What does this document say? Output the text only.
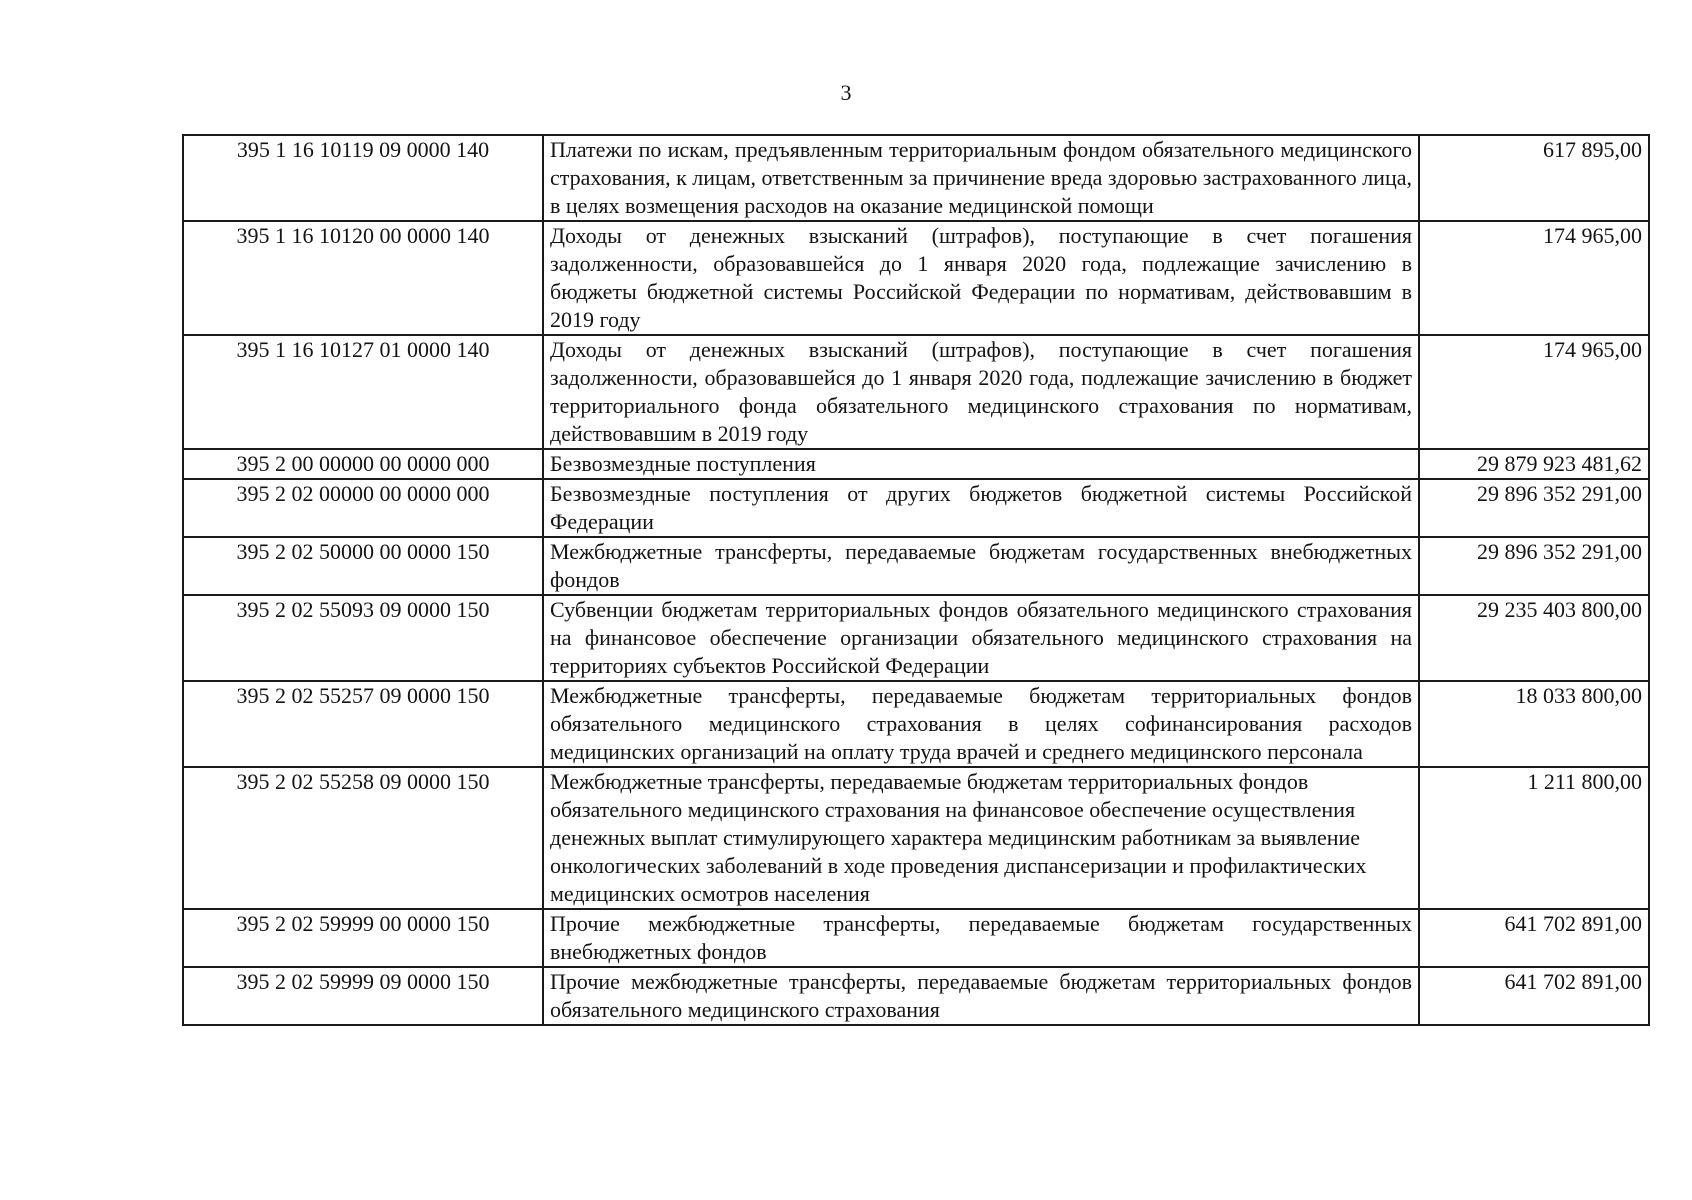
3
395 1 16 10119 09 0000 140	Платежи по искам, предъявленным территориальным фондом обязательного медицинского страхования, к лицам, ответственным за причинение вреда здоровью застрахованного лица, в целях возмещения расходов на оказание медицинской помощи	617 895,00
395 1 16 10120 00 0000 140	Доходы от денежных взысканий (штрафов), поступающие в счет погашения задолженности, образовавшейся до 1 января 2020 года, подлежащие зачислению в бюджеты бюджетной системы Российской Федерации по нормативам, действовавшим в 2019 году	174 965,00
395 1 16 10127 01 0000 140	Доходы от денежных взысканий (штрафов), поступающие в счет погашения задолженности, образовавшейся до 1 января 2020 года, подлежащие зачислению в бюджет территориального фонда обязательного медицинского страхования по нормативам, действовавшим в 2019 году	174 965,00
395 2 00 00000 00 0000 000	Безвозмездные поступления	29 879 923 481,62
395 2 02 00000 00 0000 000	Безвозмездные поступления от других бюджетов бюджетной системы Российской Федерации	29 896 352 291,00
395 2 02 50000 00 0000 150	Межбюджетные трансферты, передаваемые бюджетам государственных внебюджетных фондов	29 896 352 291,00
395 2 02 55093 09 0000 150	Субвенции бюджетам территориальных фондов обязательного медицинского страхования на финансовое обеспечение организации обязательного медицинского страхования на территориях субъектов Российской Федерации	29 235 403 800,00
395 2 02 55257 09 0000 150	Межбюджетные трансферты, передаваемые бюджетам территориальных фондов обязательного медицинского страхования в целях софинансирования расходов медицинских организаций на оплату труда врачей и среднего медицинского персонала	18 033 800,00
395 2 02 55258 09 0000 150	Межбюджетные трансферты, передаваемые бюджетам территориальных фондов обязательного медицинского страхования на финансовое обеспечение осуществления денежных выплат стимулирующего характера медицинским работникам за выявление онкологических заболеваний в ходе проведения диспансеризации и профилактических медицинских осмотров населения	1 211 800,00
395 2 02 59999 00 0000 150	Прочие межбюджетные трансферты, передаваемые бюджетам государственных внебюджетных фондов	641 702 891,00
395 2 02 59999 09 0000 150	Прочие межбюджетные трансферты, передаваемые бюджетам территориальных фондов обязательного медицинского страхования	641 702 891,00
